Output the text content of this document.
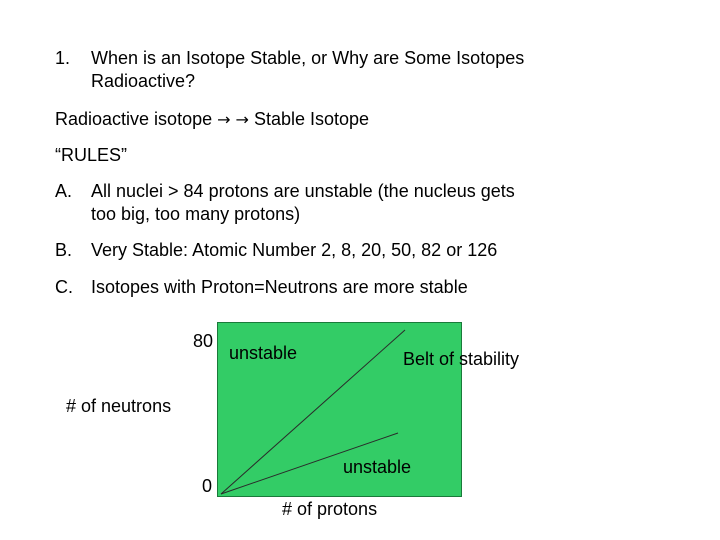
1. When is an Isotope Stable, or Why are Some Isotopes
Radioactive?
Radioactive isotope → → Stable Isotope
“RULES”
A. All nuclei > 84 protons are unstable (the nucleus gets
too big, too many protons)
B. Very Stable: Atomic Number 2, 8, 20, 50, 82 or 126
C. Isotopes with Proton=Neutrons are more stable
80
unstable	Belt of stability
# of neutrons
unstable
0
# of protons
